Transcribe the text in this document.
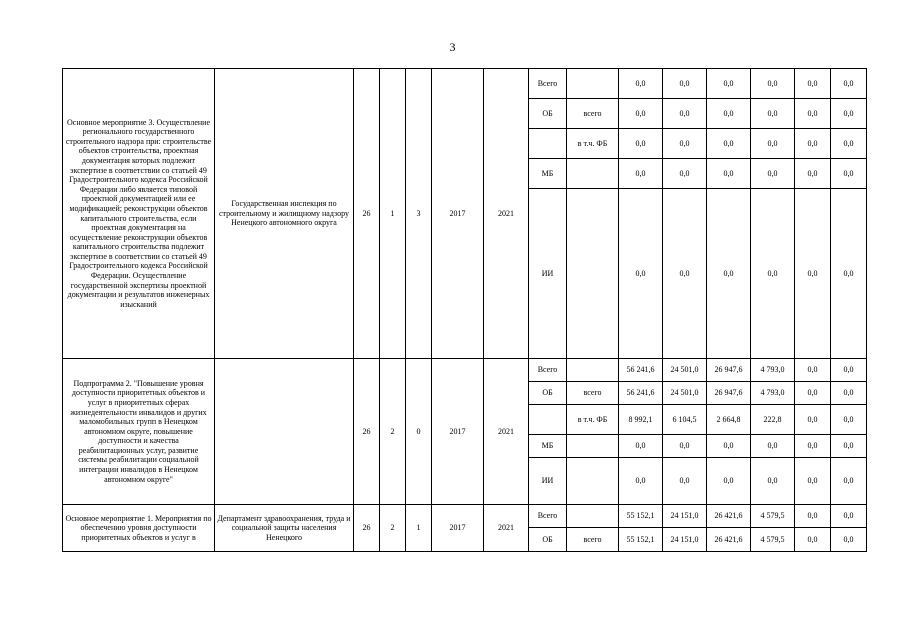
3
Основное мероприятие 3. Осуществление регионального государственного строительного надзора при: строительстве объектов строительства, проектная документация которых подлежит экспертизе в соответствии со статьей 49 Градостроительного кодекса Российской Федерации либо является типовой проектной документацией или ее модификацией; реконструкции объектов капитального строительства, если проектная документация на осуществление реконструкции объектов капитального строительства подлежит экспертизе в соответствии со статьей 49 Градостроительного кодекса Российской Федерации. Осуществление государственной экспертизы проектной документации и результатов инженерных изысканий	Государственная инспекция по строительному и жилищному надзору Ненецкого автономного округа	26	1	3	2017	2021	Всего		0,0	0,0	0,0	0,0	0,0	0,0
							ОБ	всего	0,0	0,0	0,0	0,0	0,0	0,0
								в т.ч. ФБ	0,0	0,0	0,0	0,0	0,0	0,0
							МБ		0,0	0,0	0,0	0,0	0,0	0,0
							ИИ		0,0	0,0	0,0	0,0	0,0	0,0
Подпрограмма 2. "Повышение уровня доступности приоритетных объектов и услуг в приоритетных сферах жизнедеятельности инвалидов и других маломобильных групп в Ненецком автономном округе, повышение доступности и качества реабилитационных услуг, развитие системы реабилитации социальной интеграции инвалидов в Ненецком автономном округе"		26	2	0	2017	2021	Всего		56 241,6	24 501,0	26 947,6	4 793,0	0,0	0,0
							ОБ	всего	56 241,6	24 501,0	26 947,6	4 793,0	0,0	0,0
								в т.ч. ФБ	8 992,1	6 104,5	2 664,8	222,8	0,0	0,0
							МБ		0,0	0,0	0,0	0,0	0,0	0,0
							ИИ		0,0	0,0	0,0	0,0	0,0	0,0
Основное мероприятие 1. Мероприятия по обеспечению уровня доступности приоритетных объектов и услуг в	Департамент здравоохранения, труда и социальной защиты населения Ненецкого	26	2	1	2017	2021	Всего		55 152,1	24 151,0	26 421,6	4 579,5	0,0	0,0
							ОБ	всего	55 152,1	24 151,0	26 421,6	4 579,5	0,0	0,0
